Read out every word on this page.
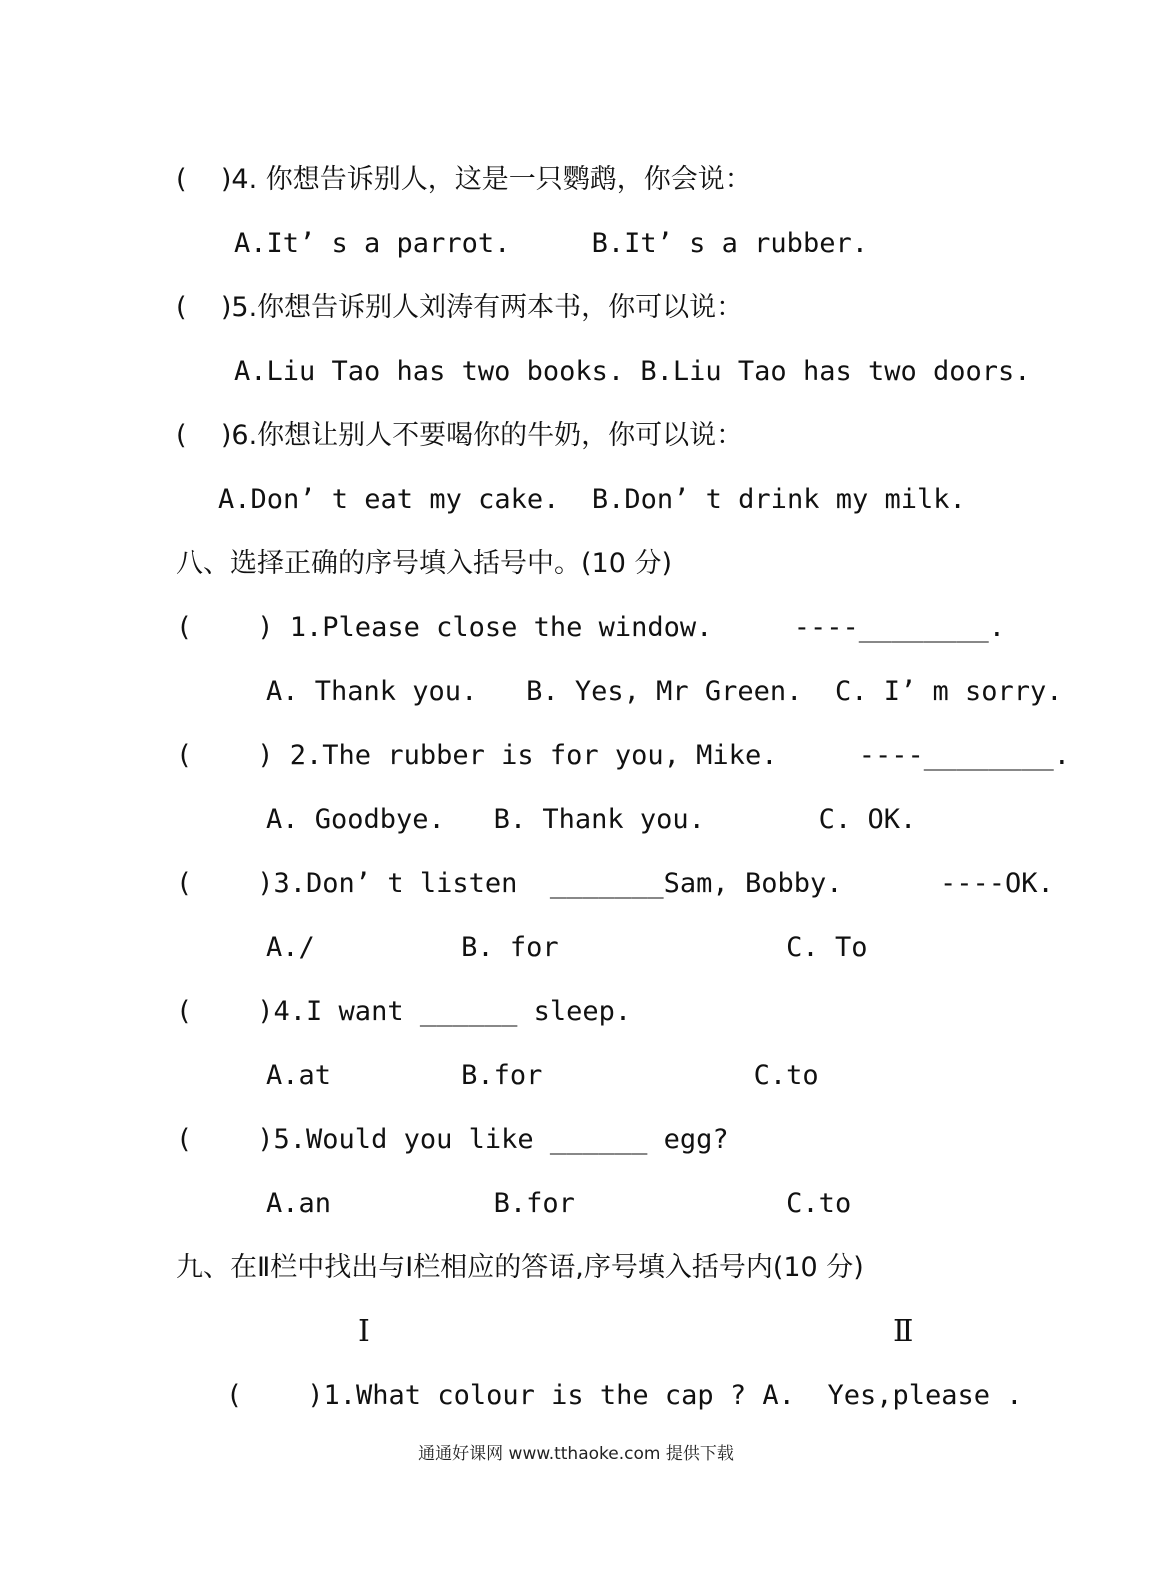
(    )4. 你想告诉别人，这是一只鹦鹉，你会说：
A.It’ s a parrot.     B.It’ s a rubber.
(    )5.你想告诉别人刘涛有两本书，你可以说：
A.Liu Tao has two books. B.Liu Tao has two doors.
(    )6.你想让别人不要喝你的牛奶，你可以说：
A.Don’ t eat my cake.  B.Don’ t drink my milk.
八、选择正确的序号填入括号中。(10 分)
(    ) 1.Please close the window.     ----________.
A. Thank you.   B. Yes, Mr Green.  C. I’ m sorry.
(    ) 2.The rubber is for you, Mike.     ----________.
A. Goodbye.   B. Thank you.       C. OK.
(    )3.Don’ t listen  _______Sam, Bobby.      ----OK.
A./         B. for              C. To
(    )4.I want ______ sleep.
A.at        B.for             C.to
(    )5.Would you like ______ egg?
A.an          B.for             C.to
九、在Ⅱ栏中找出与Ⅰ栏相应的答语,序号填入括号内(10 分)
Ⅰ	Ⅱ
(    )1.What colour is the cap ? A.  Yes,please .
通通好课网 www.tthaoke.com 提供下载
